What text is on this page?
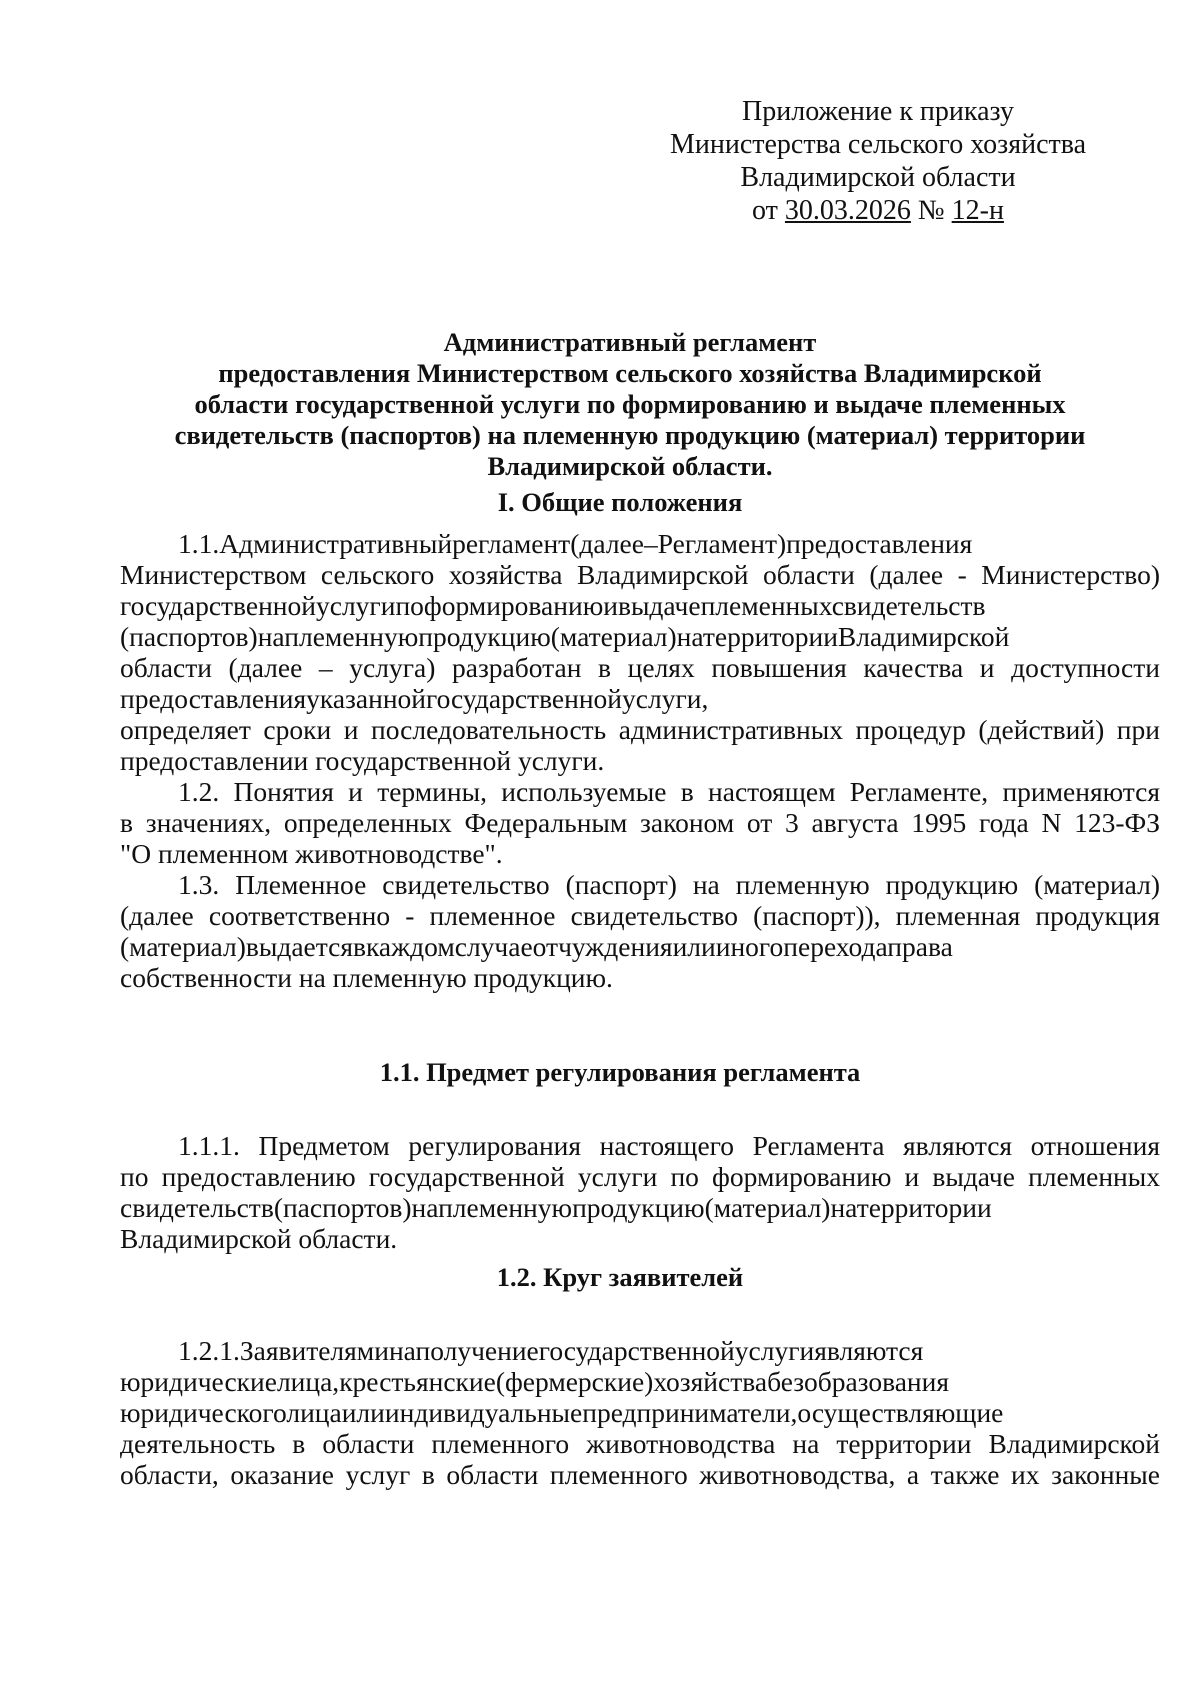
Приложение к приказу
Министерства сельского хозяйства
Владимирской области
от 30.03.2026 № 12-н
Административный регламент
предоставления Министерством сельского хозяйства Владимирской
области государственной услуги по формированию и выдаче племенных
свидетельств (паспортов) на племенную продукцию (материал) территории
Владимирской области.
I. Общие положения
1.1.Административныйрегламент(далее–Регламент)предоставления
Министерством сельского хозяйства Владимирской области (далее - Министерство)
государственнойуслугипоформированиюивыдачеплеменныхсвидетельств
(паспортов)наплеменнуюпродукцию(материал)натерриторииВладимирской
области (далее – услуга) разработан в целях повышения качества и доступности
предоставленияуказаннойгосударственнойуслуги,
определяет сроки и последовательность административных процедур (действий) при
предоставлении государственной услуги.
1.2. Понятия и термины, используемые в настоящем Регламенте, применяются
в значениях, определенных Федеральным законом от 3 августа 1995 года N 123-ФЗ
"О племенном животноводстве".
1.3. Племенное свидетельство (паспорт) на племенную продукцию (материал)
(далее соответственно - племенное свидетельство (паспорт)), племенная продукция
(материал)выдаетсявкаждомслучаеотчужденияилииногопереходаправа
собственности на племенную продукцию.
1.1. Предмет регулирования регламента
1.1.1. Предметом регулирования настоящего Регламента являются отношения
по предоставлению государственной услуги по формированию и выдаче племенных
свидетельств(паспортов)наплеменнуюпродукцию(материал)натерритории
Владимирской области.
1.2. Круг заявителей
1.2.1.Заявителяминаполучениегосударственнойуслугиявляются
юридическиелица,крестьянские(фермерские)хозяйствабезобразования
юридическоголицаилииндивидуальныепредприниматели,осуществляющие
деятельность в области племенного животноводства на территории Владимирской
области, оказание услуг в области племенного животноводства, а также их законные
